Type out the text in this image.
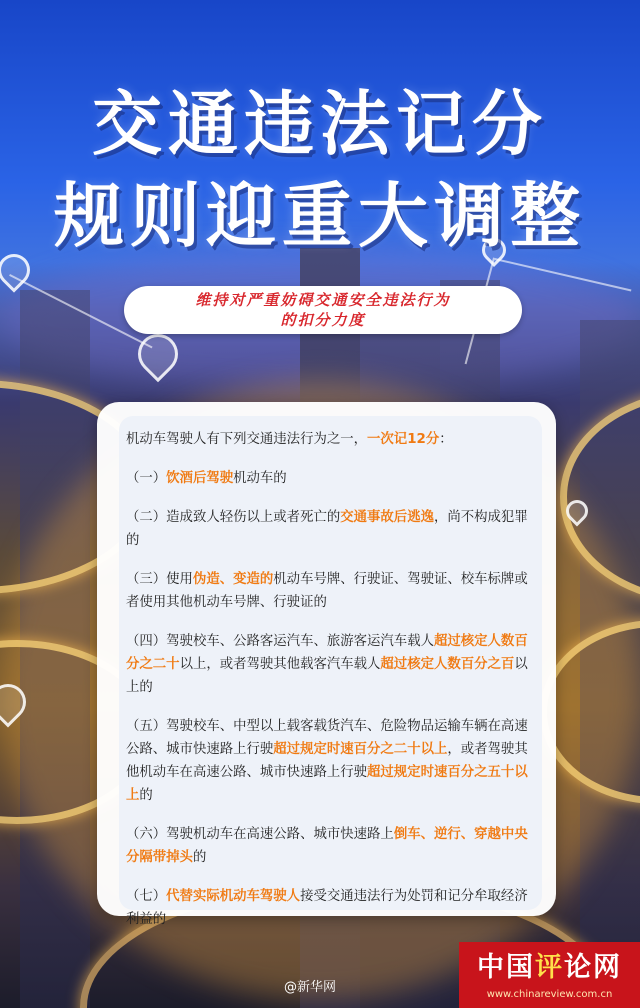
交通违法记分
规则迎重大调整
维持对严重妨碍交通安全违法行为
的扣分力度

机动车驾驶人有下列交通违法行为之一，一次记12分：

（一）饮酒后驾驶机动车的

（二）造成致人轻伤以上或者死亡的交通事故后逃逸，尚不构成犯罪的

（三）使用伪造、变造的机动车号牌、行驶证、驾驶证、校车标牌或者使用其他机动车号牌、行驶证的

（四）驾驶校车、公路客运汽车、旅游客运汽车载人超过核定人数百分之二十以上，或者驾驶其他载客汽车载人超过核定人数百分之百以上的

（五）驾驶校车、中型以上载客载货汽车、危险物品运输车辆在高速公路、城市快速路上行驶超过规定时速百分之二十以上，或者驾驶其他机动车在高速公路、城市快速路上行驶超过规定时速百分之五十以上的

（六）驾驶机动车在高速公路、城市快速路上倒车、逆行、穿越中央分隔带掉头的

（七）代替实际机动车驾驶人接受交通违法行为处罚和记分牟取经济利益的

@新华网
中国评论网
www.chinareview.com.cn
